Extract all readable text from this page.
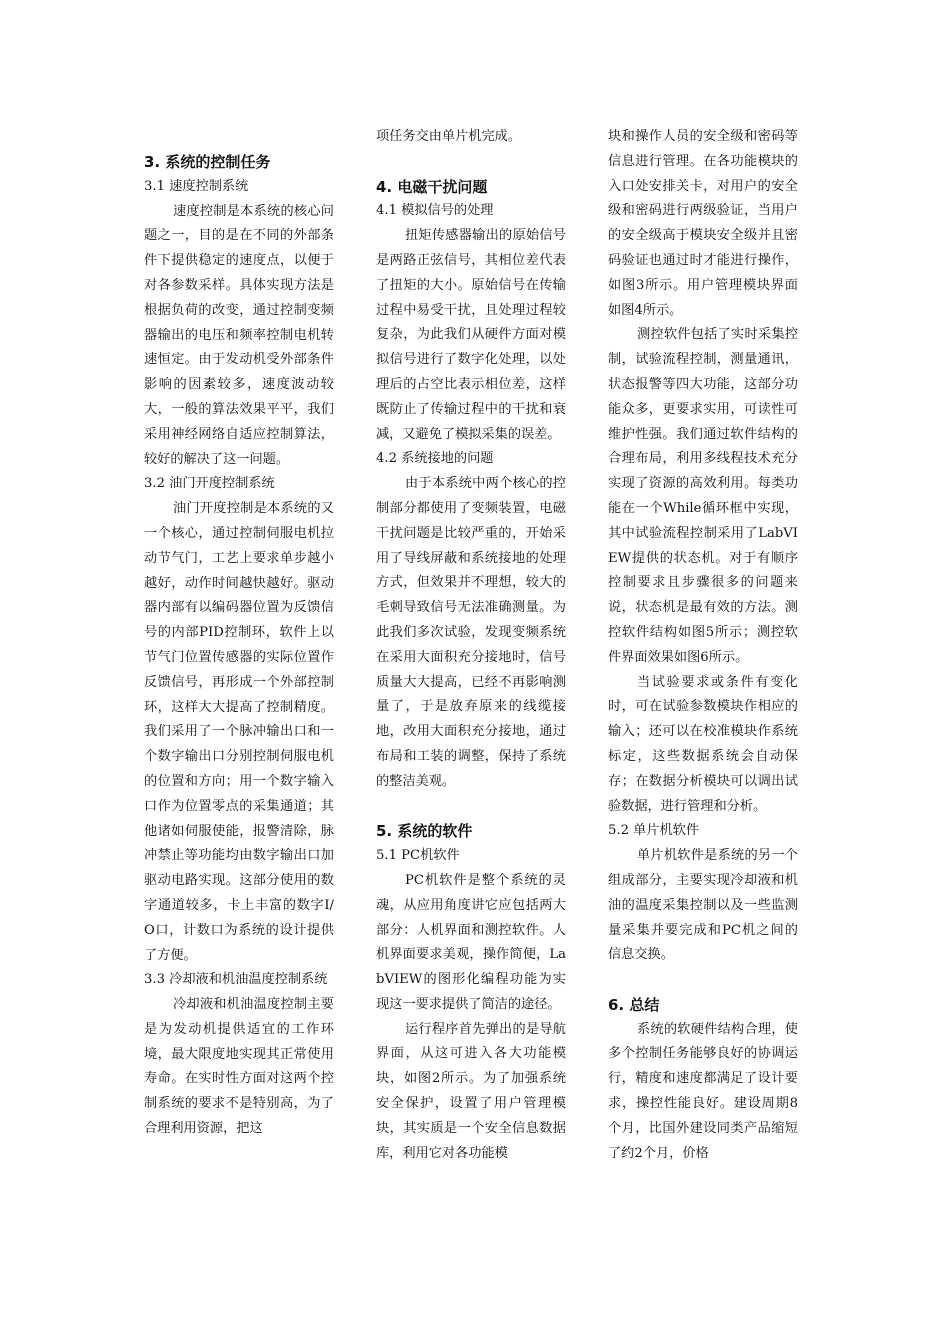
3. 系统的控制任务

3.1 速度控制系统

速度控制是本系统的核心问题之一，目的是在不同的外部条件下提供稳定的速度点，以便于对各参数采样。具体实现方法是根据负荷的改变，通过控制变频器输出的电压和频率控制电机转速恒定。由于发动机受外部条件影响的因素较多，速度波动较大，一般的算法效果平平，我们采用神经网络自适应控制算法，较好的解决了这一问题。

3.2 油门开度控制系统

油门开度控制是本系统的又一个核心，通过控制伺服电机拉动节气门，工艺上要求单步越小越好，动作时间越快越好。驱动器内部有以编码器位置为反馈信号的内部PID控制环，软件上以节气门位置传感器的实际位置作反馈信号，再形成一个外部控制环，这样大大提高了控制精度。我们采用了一个脉冲输出口和一个数字输出口分别控制伺服电机的位置和方向；用一个数字输入口作为位置零点的采集通道；其他诸如伺服使能，报警清除，脉冲禁止等功能均由数字输出口加驱动电路实现。这部分使用的数字通道较多，卡上丰富的数字I/O口，计数口为系统的设计提供了方便。

3.3 冷却液和机油温度控制系统

冷却液和机油温度控制主要是为发动机提供适宜的工作环境，最大限度地实现其正常使用寿命。在实时性方面对这两个控制系统的要求不是特别高，为了合理利用资源，把这

项任务交由单片机完成。

4. 电磁干扰问题

4.1 模拟信号的处理

扭矩传感器输出的原始信号是两路正弦信号，其相位差代表了扭矩的大小。原始信号在传输过程中易受干扰，且处理过程较复杂，为此我们从硬件方面对模拟信号进行了数字化处理，以处理后的占空比表示相位差，这样既防止了传输过程中的干扰和衰减，又避免了模拟采集的误差。

4.2 系统接地的问题

由于本系统中两个核心的控制部分都使用了变频装置，电磁干扰问题是比较严重的，开始采用了导线屏蔽和系统接地的处理方式，但效果并不理想，较大的毛刺导致信号无法准确测量。为此我们多次试验，发现变频系统在采用大面积充分接地时，信号质量大大提高，已经不再影响测量了，于是放弃原来的线缆接地，改用大面积充分接地，通过布局和工装的调整，保持了系统的整洁美观。

5. 系统的软件

5.1 PC机软件

PC机软件是整个系统的灵魂，从应用角度讲它应包括两大部分：人机界面和测控软件。人机界面要求美观，操作简便，LabVIEW的图形化编程功能为实现这一要求提供了简洁的途径。

运行程序首先弹出的是导航界面，从这可进入各大功能模块，如图2所示。为了加强系统安全保护，设置了用户管理模块，其实质是一个安全信息数据库，利用它对各功能模

块和操作人员的安全级和密码等信息进行管理。在各功能模块的入口处安排关卡，对用户的安全级和密码进行两级验证，当用户的安全级高于模块安全级并且密码验证也通过时才能进行操作，如图3所示。用户管理模块界面如图4所示。

测控软件包括了实时采集控制，试验流程控制，测量通讯，状态报警等四大功能，这部分功能众多，更要求实用，可读性可维护性强。我们通过软件结构的合理布局，利用多线程技术充分实现了资源的高效利用。每类功能在一个While循环框中实现，其中试验流程控制采用了LabVIEW提供的状态机。对于有顺序控制要求且步骤很多的问题来说，状态机是最有效的方法。测控软件结构如图5所示；测控软件界面效果如图6所示。

当试验要求或条件有变化时，可在试验参数模块作相应的输入；还可以在校准模块作系统标定，这些数据系统会自动保存；在数据分析模块可以调出试验数据，进行管理和分析。

5.2 单片机软件

单片机软件是系统的另一个组成部分，主要实现冷却液和机油的温度采集控制以及一些监测量采集并要完成和PC机之间的信息交换。

6. 总结

系统的软硬件结构合理，使多个控制任务能够良好的协调运行，精度和速度都满足了设计要求，操控性能良好。建设周期8个月，比国外建设同类产品缩短了约2个月，价格
